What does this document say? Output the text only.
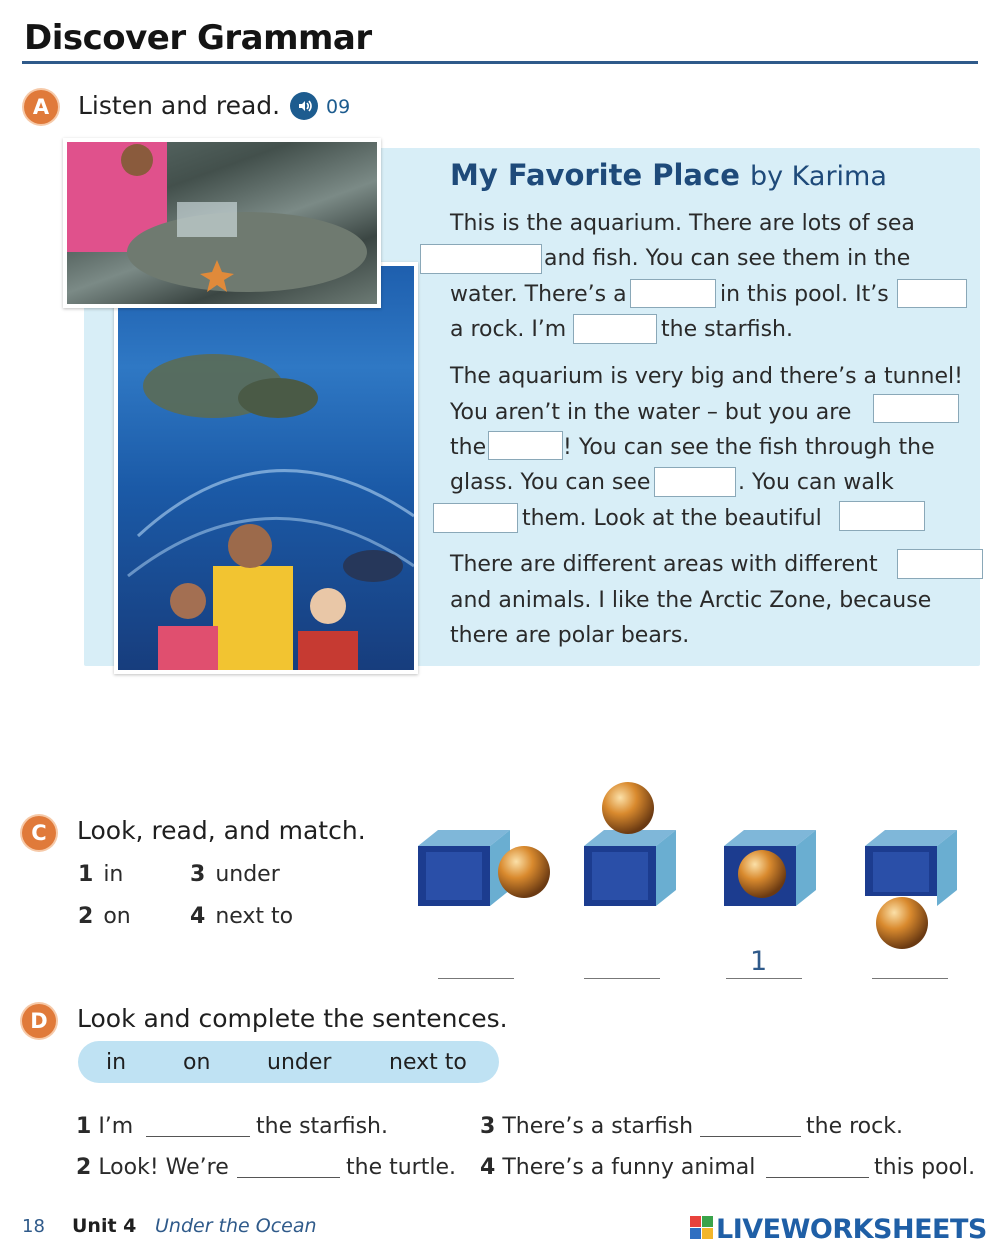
Discover Grammar
A	Listen and read. 09
My Favorite Place by Karima
This is the aquarium. There are lots of sea
and fish. You can see them in the
water. There’s a	in this pool. It’s
a rock. I’m	the starfish.
The aquarium is very big and there’s a tunnel!
You aren’t in the water – but you are
the	! You can see the fish through the
glass. You can see	. You can walk
them. Look at the beautiful
There are different areas with different
and animals. I like the Arctic Zone, because
there are polar bears.
C	Look, read, and match.
1 in	3 under
2 on	4 next to
1
D	Look and complete the sentences.
in	on	under	next to
1 I’m	the starfish.	3 There’s a starfish	the rock.
2 Look! We’re	the turtle. 4 There’s a funny animal	this pool.
18 Unit 4 Under the Ocean	LIVEWORKSHEETS
